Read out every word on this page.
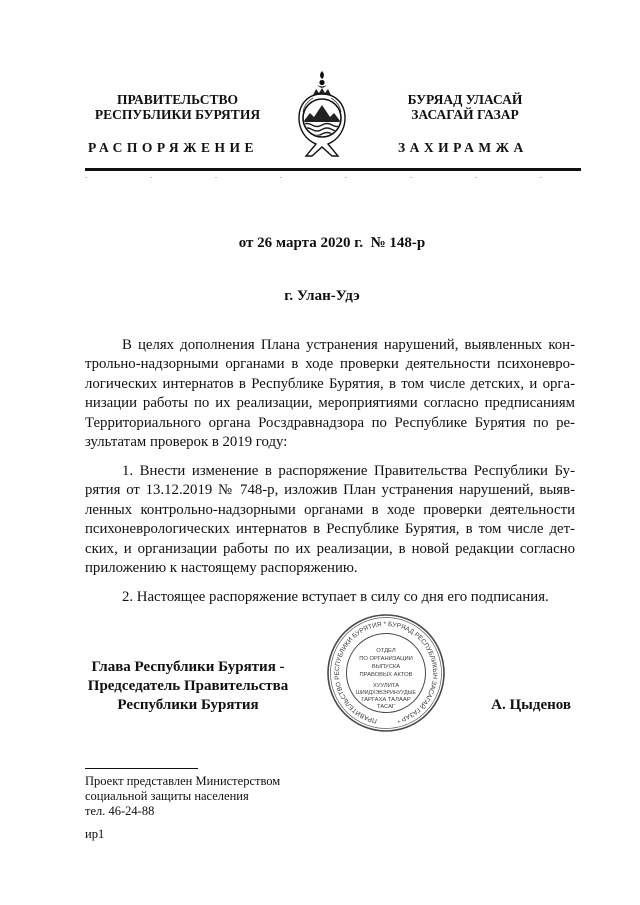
ПРАВИТЕЛЬСТВО
РЕСПУБЛИКИ БУРЯТИЯ
РАСПОРЯЖЕНИЕ
БУРЯАД УЛАСАЙ
ЗАСАГАЙ ГАЗАР
ЗАХИРАМЖА
от 26 марта 2020 г.  № 148-р
г. Улан-Удэ
В целях дополнения Плана устранения нарушений, выявленных кон-
трольно-надзорными органами в ходе проверки деятельности психоневро-
логических интернатов в Республике Бурятия, в том числе детских, и орга-
низации работы по их реализации, мероприятиями согласно предписаниям
Территориального органа Росздравнадзора по Республике Бурятия по ре-
зультатам проверок в 2019 году:
1. Внести изменение в распоряжение Правительства Республики Бу-
рятия от 13.12.2019 № 748-р, изложив План устранения нарушений, выяв-
ленных контрольно-надзорными органами в ходе проверки деятельности
психоневрологических интернатов в Республике Бурятия, в том числе дет-
ских, и организации работы по их реализации, в новой редакции согласно
приложению к настоящему распоряжению.
2. Настоящее распоряжение вступает в силу со дня его подписания.
Глава Республики Бурятия -
Председатель Правительства
Республики Бурятия	А. Цыденов
ПРАВИТЕЛЬСТВО РЕСПУБЛИКИ БУРЯТИЯ * БУРЯАД РЕСПУБЛИКЫН ЗАСАГАЙ ГАЗАР *
ОТДЕЛ
ПО ОРГАНИЗАЦИИ
ВЫПУСКА
ПРАВОВЫХ АКТОВ
ХУУЛИТА
ШИИДХЭБЭРИНУУДЫЕ
ГАРГАХА ТАЛААР
ТАСАГ
Проект представлен Министерством
социальной защиты населения
тел. 46-24-88
ир1
